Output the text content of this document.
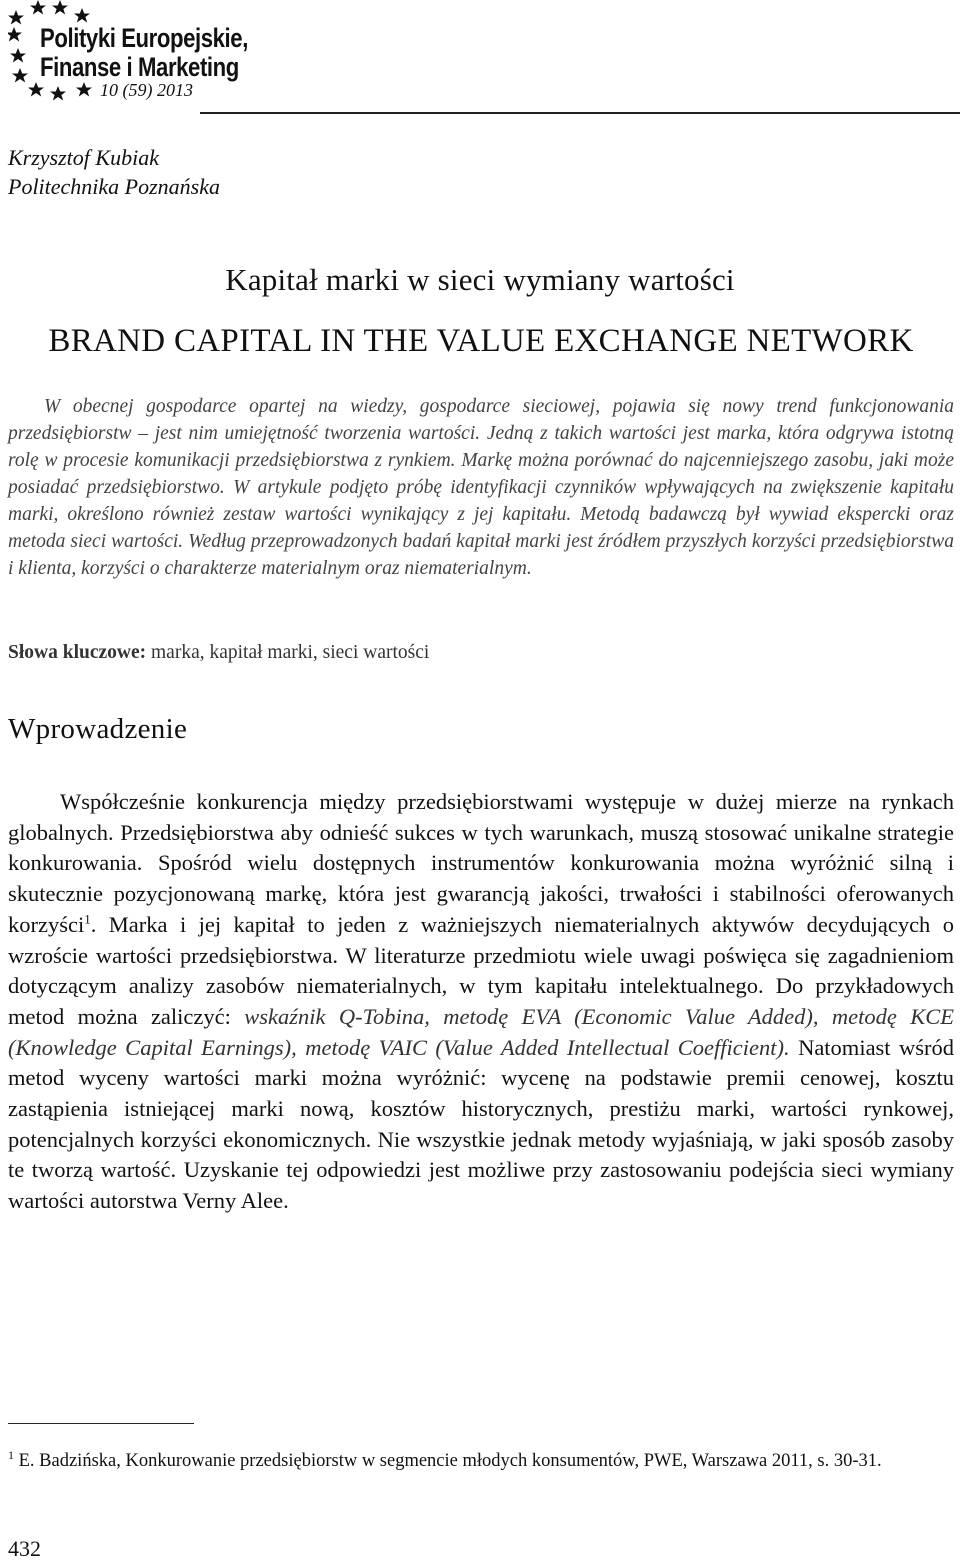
Polityki Europejskie,
Finanse i Marketing
10 (59) 2013
Krzysztof Kubiak
Politechnika Poznańska
Kapitał marki w sieci wymiany wartości
BRAND CAPITAL IN THE VALUE EXCHANGE NETWORK

W obecnej gospodarce opartej na wiedzy, gospodarce sieciowej, pojawia się nowy trend funkcjonowania przedsiębiorstw – jest nim umiejętność tworzenia wartości. Jedną z takich wartości jest marka, która odgrywa istotną rolę w procesie komunikacji przedsiębiorstwa z rynkiem. Markę można porównać do najcenniejszego zasobu, jaki może posiadać przedsiębiorstwo. W artykule podjęto próbę identyfikacji czynników wpływających na zwiększenie kapitału marki, określono również zestaw wartości wynikający z jej kapitału. Metodą badawczą był wywiad ekspercki oraz metoda sieci wartości. Według przeprowadzonych badań kapitał marki jest źródłem przyszłych korzyści przedsiębiorstwa i klienta, korzyści o charakterze materialnym oraz niematerialnym.

Słowa kluczowe: marka, kapitał marki, sieci wartości
Wprowadzenie

Współcześnie konkurencja między przedsiębiorstwami występuje w dużej mierze na rynkach globalnych. Przedsiębiorstwa aby odnieść sukces w tych warunkach, muszą stosować unikalne strategie konkurowania. Spośród wielu dostępnych instrumentów konkurowania można wyróżnić silną i skutecznie pozycjonowaną markę, która jest gwarancją jakości, trwałości i stabilności oferowanych korzyści$^1$. Marka i jej kapitał to jeden z ważniejszych niematerialnych aktywów decydujących o wzroście wartości przedsiębiorstwa. W literaturze przedmiotu wiele uwagi poświęca się zagadnieniom dotyczącym analizy zasobów niematerialnych, w tym kapitału intelektualnego. Do przykładowych metod można zaliczyć: wskaźnik Q-Tobina, metodę EVA (Economic Value Added), metodę KCE (Knowledge Capital Earnings), metodę VAIC (Value Added Intellectual Coefficient). Natomiast wśród metod wyceny wartości marki można wyróżnić: wycenę na podstawie premii cenowej, kosztu zastąpienia istniejącej marki nową, kosztów historycznych, prestiżu marki, wartości rynkowej, potencjalnych korzyści ekonomicznych. Nie wszystkie jednak metody wyjaśniają, w jaki sposób zasoby te tworzą wartość. Uzyskanie tej odpowiedzi jest możliwe przy zastosowaniu podejścia sieci wymiany wartości autorstwa Verny Alee.

$^1$ E. Badzińska, Konkurowanie przedsiębiorstw w segmencie młodych konsumentów, PWE, Warszawa 2011, s. 30-31.
432
